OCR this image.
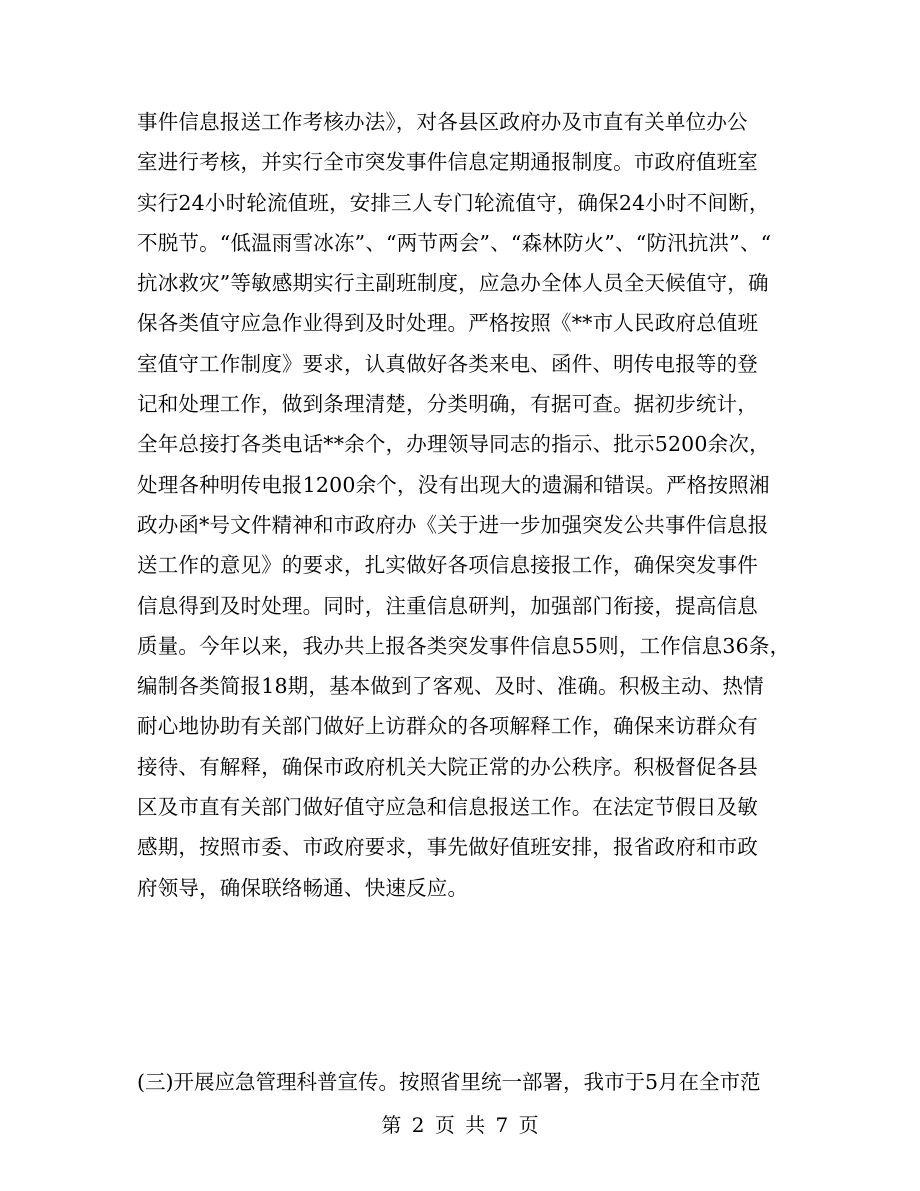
事件信息报送工作考核办法》，对各县区政府办及市直有关单位办公
室进行考核，并实行全市突发事件信息定期通报制度。市政府值班室
实行24小时轮流值班，安排三人专门轮流值守，确保24小时不间断，
不脱节。“低温雨雪冰冻”、“两节两会”、“森林防火”、“防汛抗洪”、“
抗冰救灾”等敏感期实行主副班制度，应急办全体人员全天候值守，确
保各类值守应急作业得到及时处理。严格按照《**市人民政府总值班
室值守工作制度》要求，认真做好各类来电、函件、明传电报等的登
记和处理工作，做到条理清楚，分类明确，有据可查。据初步统计，
全年总接打各类电话**余个，办理领导同志的指示、批示5200余次，
处理各种明传电报1200余个，没有出现大的遗漏和错误。严格按照湘
政办函*号文件精神和市政府办《关于进一步加强突发公共事件信息报
送工作的意见》的要求，扎实做好各项信息接报工作，确保突发事件
信息得到及时处理。同时，注重信息研判，加强部门衔接，提高信息
质量。今年以来，我办共上报各类突发事件信息55则，工作信息36条，
编制各类简报18期，基本做到了客观、及时、准确。积极主动、热情
耐心地协助有关部门做好上访群众的各项解释工作，确保来访群众有
接待、有解释，确保市政府机关大院正常的办公秩序。积极督促各县
区及市直有关部门做好值守应急和信息报送工作。在法定节假日及敏
感期，按照市委、市政府要求，事先做好值班安排，报省政府和市政
府领导，确保联络畅通、快速反应。
(三)开展应急管理科普宣传。按照省里统一部署，我市于5月在全市范
第 2 页 共 7 页
